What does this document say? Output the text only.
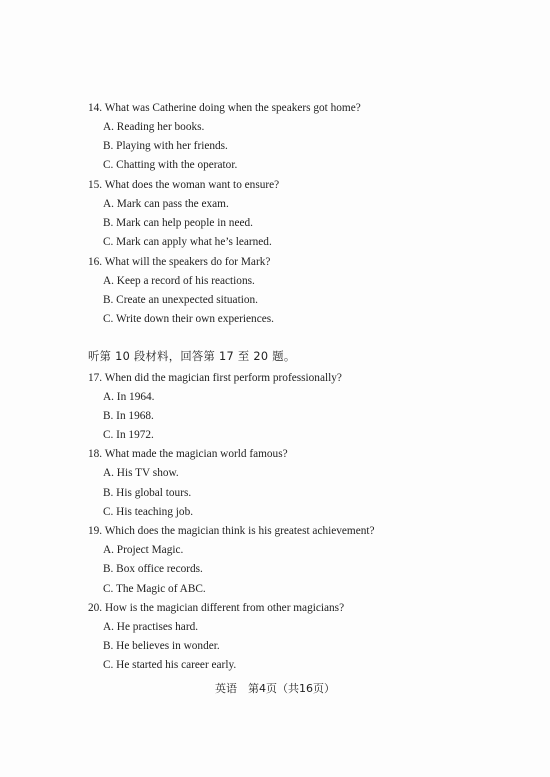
14. What was Catherine doing when the speakers got home?
A. Reading her books.
B. Playing with her friends.
C. Chatting with the operator.
15. What does the woman want to ensure?
A. Mark can pass the exam.
B. Mark can help people in need.
C. Mark can apply what he’s learned.
16. What will the speakers do for Mark?
A. Keep a record of his reactions.
B. Create an unexpected situation.
C. Write down their own experiences.
听第 10 段材料，回答第 17 至 20 题。
17. When did the magician first perform professionally?
A. In 1964.
B. In 1968.
C. In 1972.
18. What made the magician world famous?
A. His TV show.
B. His global tours.
C. His teaching job.
19. Which does the magician think is his greatest achievement?
A. Project Magic.
B. Box office records.
C. The Magic of ABC.
20. How is the magician different from other magicians?
A. He practises hard.
B. He believes in wonder.
C. He started his career early.
英语　第4页（共16页）
